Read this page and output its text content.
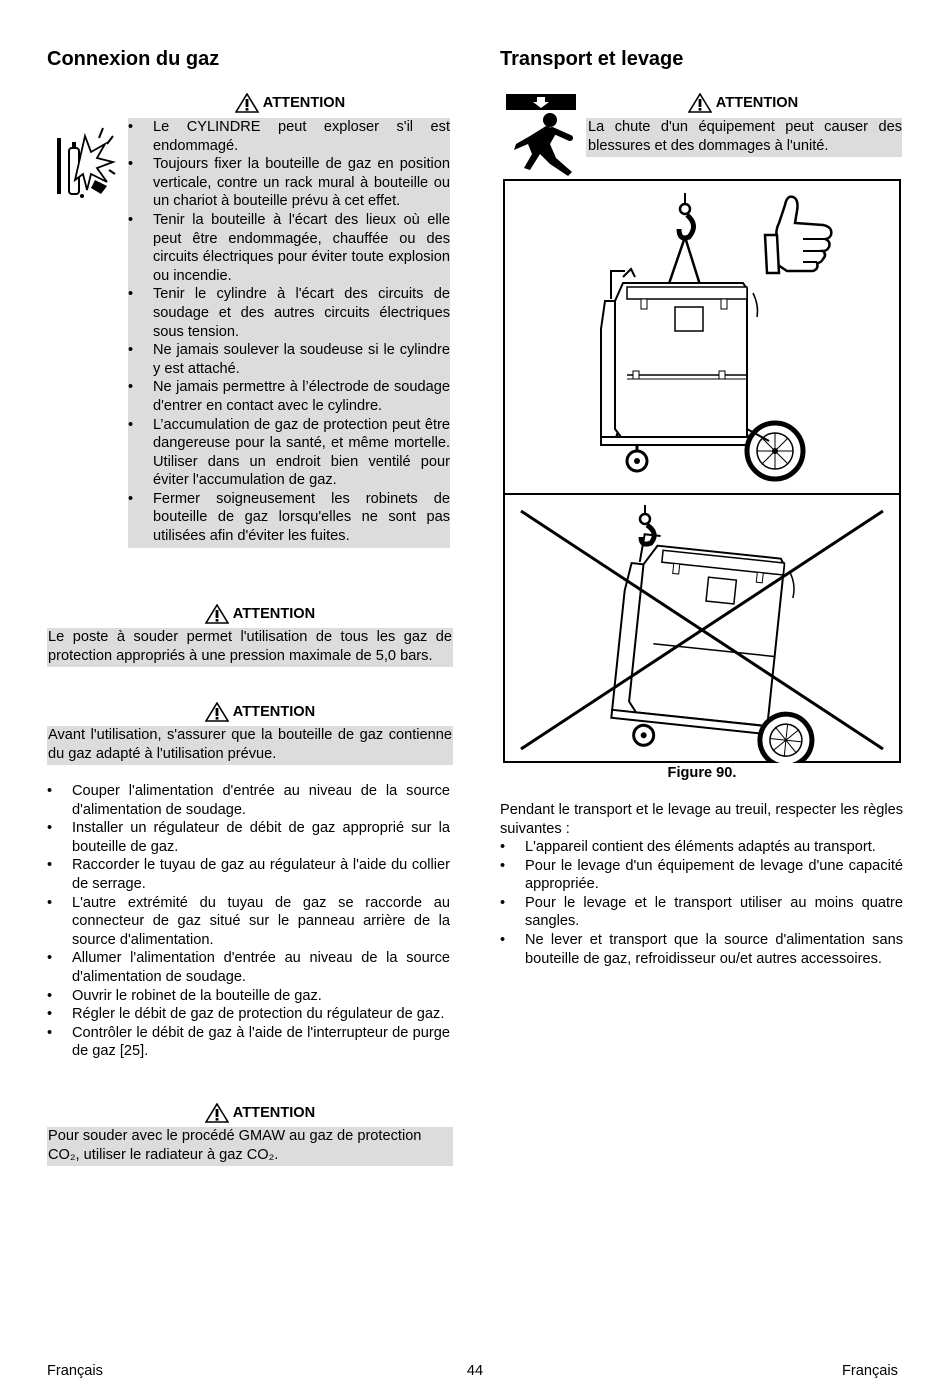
Connexion du gaz
ATTENTION
• Le CYLINDRE peut exploser s'il est endommagé.
• Toujours fixer la bouteille de gaz en position verticale, contre un rack mural à bouteille ou un chariot à bouteille prévu à cet effet.
• Tenir la bouteille à l'écart des lieux où elle peut être endommagée, chauffée ou des circuits électriques pour éviter toute explosion ou incendie.
• Tenir le cylindre à l'écart des circuits de soudage et des autres circuits électriques sous tension.
• Ne jamais soulever la soudeuse si le cylindre y est attaché.
• Ne jamais permettre à l’électrode de soudage d'entrer en contact avec le cylindre.
• L’accumulation de gaz de protection peut être dangereuse pour la santé, et même mortelle. Utiliser dans un endroit bien ventilé pour éviter l'accumulation de gaz.
• Fermer soigneusement les robinets de bouteille de gaz lorsqu'elles ne sont pas utilisées afin d'éviter les fuites.
ATTENTION
Le poste à souder permet l'utilisation de tous les gaz de protection appropriés à une pression maximale de 5,0 bars.
ATTENTION
Avant l'utilisation, s'assurer que la bouteille de gaz contienne du gaz adapté à l'utilisation prévue.
• Couper l'alimentation d'entrée au niveau de la source d'alimentation de soudage.
• Installer un régulateur de débit de gaz approprié sur la bouteille de gaz.
• Raccorder le tuyau de gaz au régulateur à l'aide du collier de serrage.
• L'autre extrémité du tuyau de gaz se raccorde au connecteur de gaz situé sur le panneau arrière de la source d'alimentation.
• Allumer l'alimentation d'entrée au niveau de la source d'alimentation de soudage.
• Ouvrir le robinet de la bouteille de gaz.
• Régler le débit de gaz de protection du régulateur de gaz.
• Contrôler le débit de gaz à l'aide de l'interrupteur de purge de gaz [25].
ATTENTION
Pour souder avec le procédé GMAW au gaz de protection
CO₂, utiliser le radiateur à gaz CO₂.
Transport et levage
ATTENTION
La chute d'un équipement peut causer des blessures et des dommages à l'unité.
Figure 90.
Pendant le transport et le levage au treuil, respecter les règles suivantes :
• L'appareil contient des éléments adaptés au transport.
• Pour le levage d'un équipement de levage d'une capacité appropriée.
• Pour le levage et le transport utiliser au moins quatre sangles.
• Ne lever et transport que la source d'alimentation sans bouteille de gaz, refroidisseur ou/et autres accessoires.
Français	44	Français
